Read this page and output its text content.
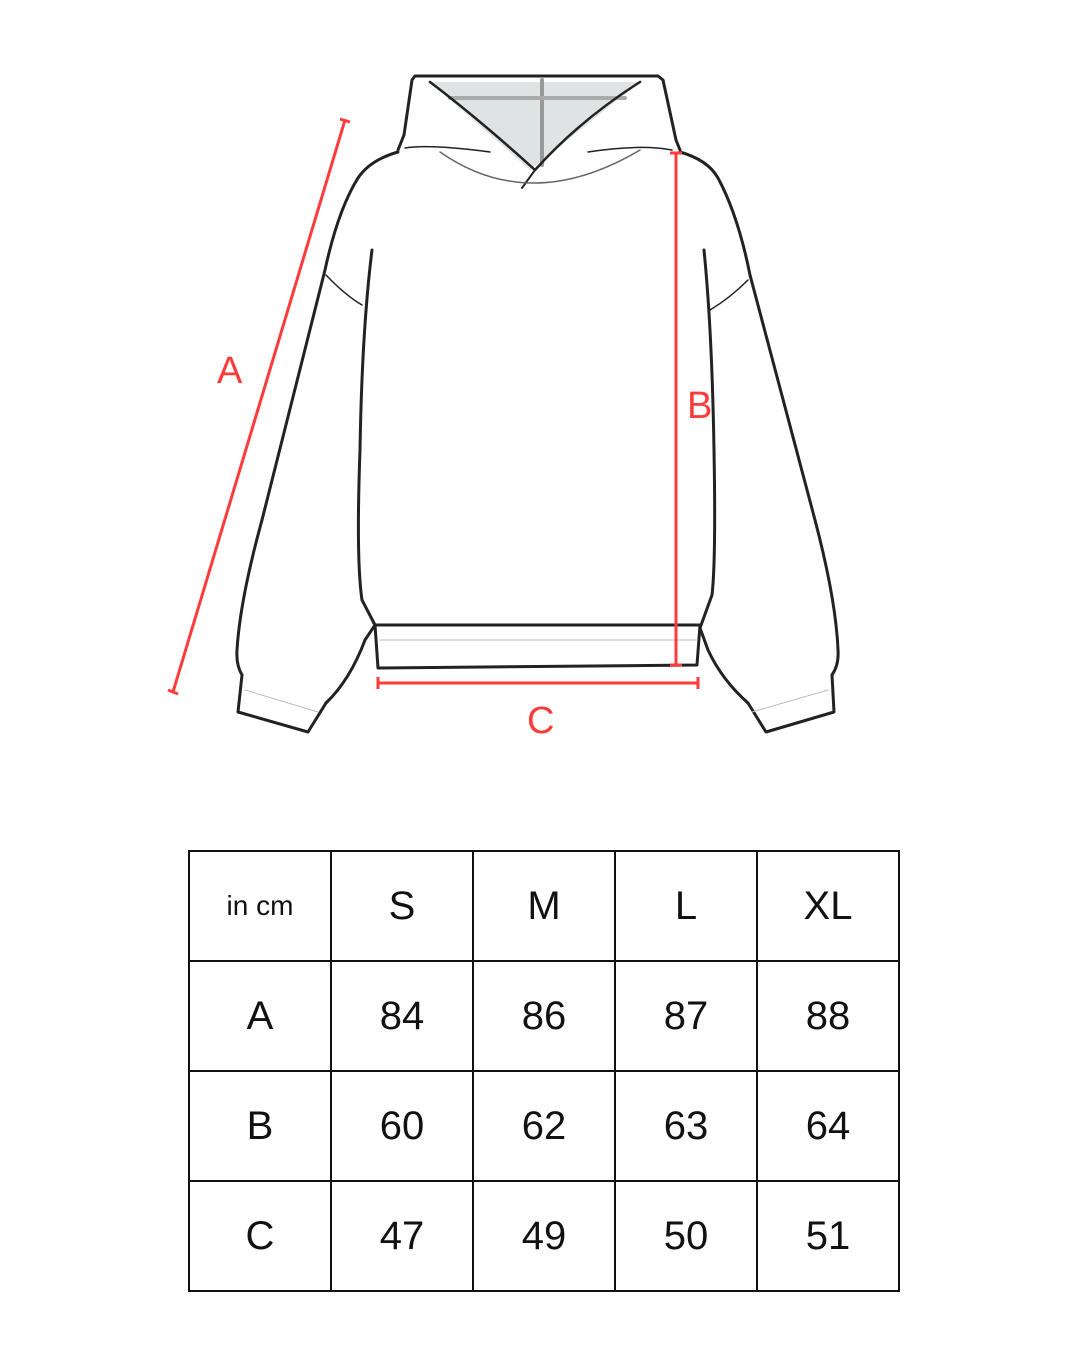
A
B
C
in cm	S	M	L	XL
A	84	86	87	88
B	60	62	63	64
C	47	49	50	51
